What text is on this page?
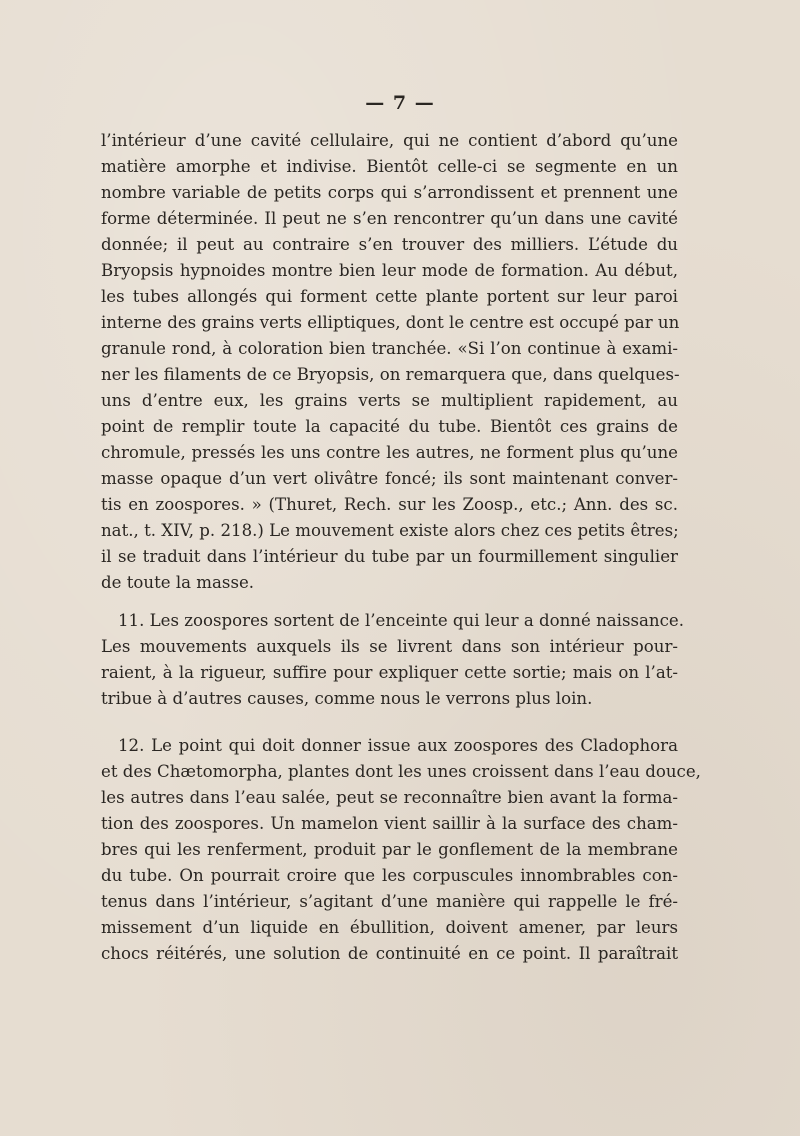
— 7 —
l’intérieur d’une cavité cellulaire, qui ne contient d’abord qu’une
matière amorphe et indivise. Bientôt celle-ci se segmente en un
nombre variable de petits corps qui s’arrondissent et prennent une
forme déterminée. Il peut ne s’en rencontrer qu’un dans une cavité
donnée; il peut au contraire s’en trouver des milliers. L’étude du
Bryopsis hypnoides montre bien leur mode de formation. Au début,
les tubes allongés qui forment cette plante portent sur leur paroi
interne des grains verts elliptiques, dont le centre est occupé par un
granule rond, à coloration bien tranchée. «Si l’on continue à exami-
ner les filaments de ce Bryopsis, on remarquera que, dans quelques-
uns d’entre eux, les grains verts se multiplient rapidement, au
point de remplir toute la capacité du tube. Bientôt ces grains de
chromule, pressés les uns contre les autres, ne forment plus qu’une
masse opaque d’un vert olivâtre foncé; ils sont maintenant conver-
tis en zoospores. » (Thuret, Rech. sur les Zoosp., etc.; Ann. des sc.
nat., t. XIV, p. 218.) Le mouvement existe alors chez ces petits êtres;
il se traduit dans l’intérieur du tube par un fourmillement singulier
de toute la masse.
11. Les zoospores sortent de l’enceinte qui leur a donné naissance.
Les mouvements auxquels ils se livrent dans son intérieur pour-
raient, à la rigueur, suffire pour expliquer cette sortie; mais on l’at-
tribue à d’autres causes, comme nous le verrons plus loin.
12. Le point qui doit donner issue aux zoospores des Cladophora
et des Chætomorpha, plantes dont les unes croissent dans l’eau douce,
les autres dans l’eau salée, peut se reconnaître bien avant la forma-
tion des zoospores. Un mamelon vient saillir à la surface des cham-
bres qui les renferment, produit par le gonflement de la membrane
du tube. On pourrait croire que les corpuscules innombrables con-
tenus dans l’intérieur, s’agitant d’une manière qui rappelle le fré-
missement d’un liquide en ébullition, doivent amener, par leurs
chocs réitérés, une solution de continuité en ce point. Il paraîtrait
